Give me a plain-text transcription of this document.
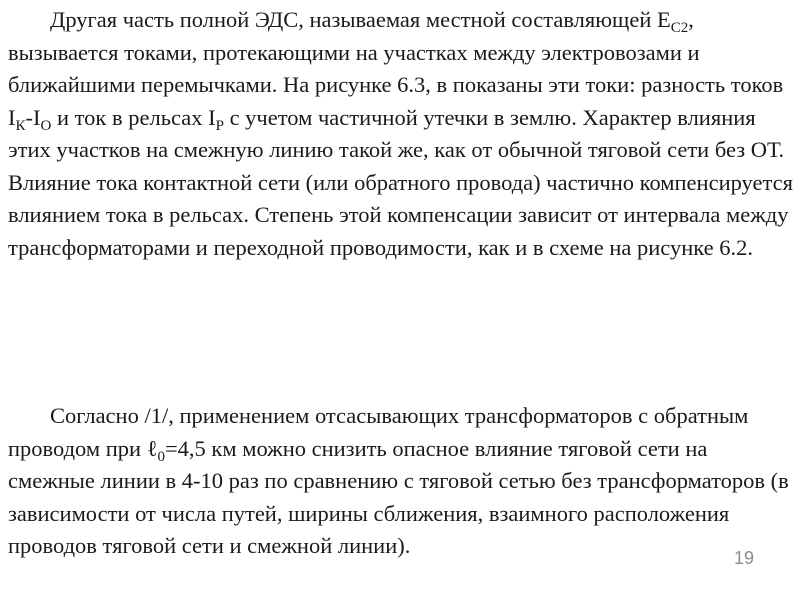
Другая часть полной ЭДС, называемая местной составляющей $Е_{С2}$, вызывается токами, протекающими на участках между электровозами и ближайшими перемычками. На рисунке 6.3, в показаны эти токи: разность токов $I_К-I_О$ и ток в рельсах $I_Р$ с учетом частичной утечки в землю. Характер влияния этих участков на смежную линию такой же, как от обычной тяговой сети без ОТ. Влияние тока контактной сети (или обратного провода) частично компенсируется влиянием тока в рельсах. Степень этой компенсации зависит от интервала между трансформаторами и переходной проводимости, как и в схеме на рисунке 6.2.

Согласно /1/, применением отсасывающих трансформаторов с обратным проводом при ℓ$_0$=4,5 км можно снизить опасное влияние тяговой сети на смежные линии в 4-10 раз по сравнению с тяговой сетью без трансформаторов (в зависимости от числа путей, ширины сближения, взаимного расположения проводов тяговой сети и смежной линии).	19
